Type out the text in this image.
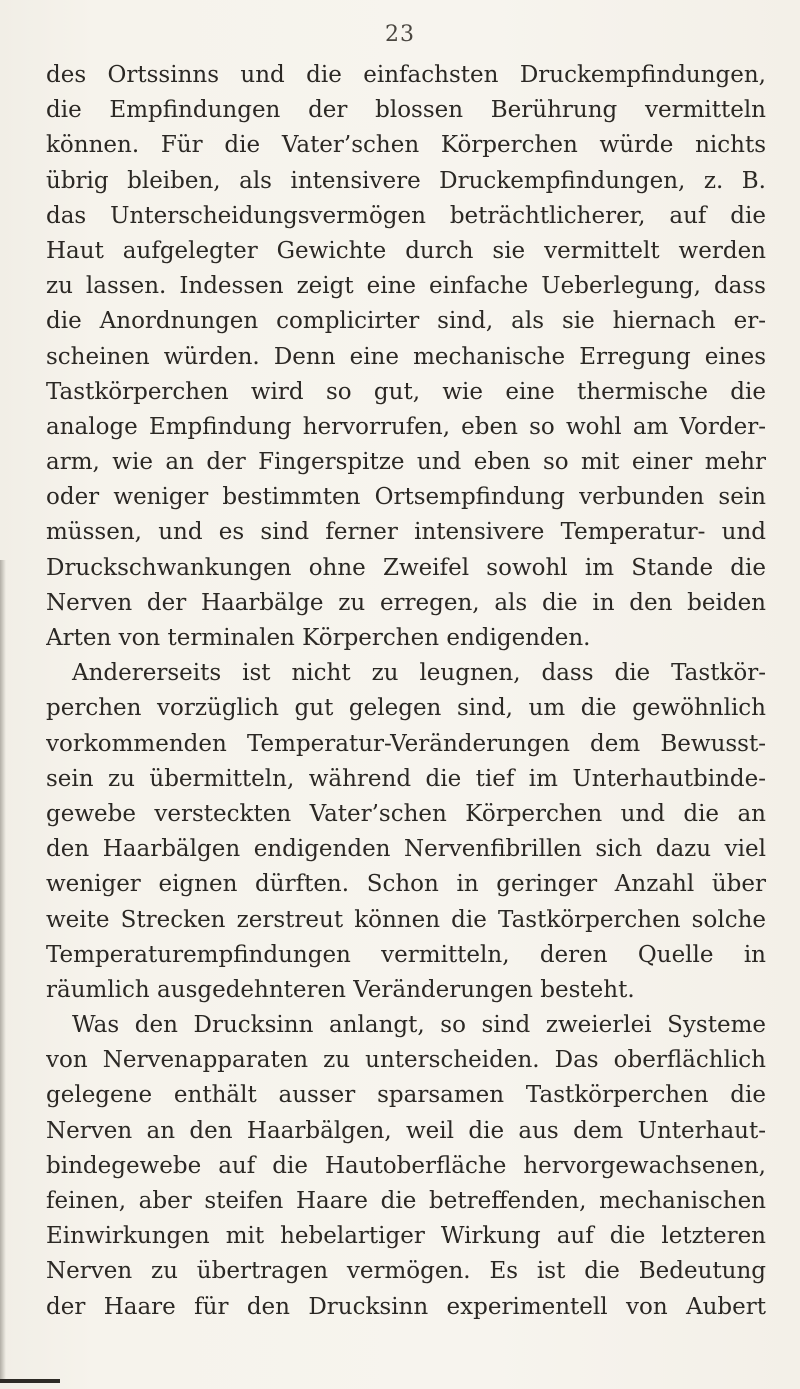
23
des Ortssinns und die einfachsten Druckempfindungen,
die Empfindungen der blossen Berührung vermitteln
können. Für die Vater’schen Körperchen würde nichts
übrig bleiben, als intensivere Druckempfindungen, z. B.
das Unterscheidungsvermögen beträchtlicherer, auf die
Haut aufgelegter Gewichte durch sie vermittelt werden
zu lassen. Indessen zeigt eine einfache Ueberlegung, dass
die Anordnungen complicirter sind, als sie hiernach er-
scheinen würden. Denn eine mechanische Erregung eines
Tastkörperchen wird so gut, wie eine thermische die
analoge Empfindung hervorrufen, eben so wohl am Vorder-
arm, wie an der Fingerspitze und eben so mit einer mehr
oder weniger bestimmten Ortsempfindung verbunden sein
müssen, und es sind ferner intensivere Temperatur- und
Druckschwankungen ohne Zweifel sowohl im Stande die
Nerven der Haarbälge zu erregen, als die in den beiden
Arten von terminalen Körperchen endigenden.
Andererseits ist nicht zu leugnen, dass die Tastkör-
perchen vorzüglich gut gelegen sind, um die gewöhnlich
vorkommenden Temperatur-Veränderungen dem Bewusst-
sein zu übermitteln, während die tief im Unterhautbinde-
gewebe versteckten Vater’schen Körperchen und die an
den Haarbälgen endigenden Nervenfibrillen sich dazu viel
weniger eignen dürften. Schon in geringer Anzahl über
weite Strecken zerstreut können die Tastkörperchen solche
Temperaturempfindungen vermitteln, deren Quelle in
räumlich ausgedehnteren Veränderungen besteht.
Was den Drucksinn anlangt, so sind zweierlei Systeme
von Nervenapparaten zu unterscheiden. Das oberflächlich
gelegene enthält ausser sparsamen Tastkörperchen die
Nerven an den Haarbälgen, weil die aus dem Unterhaut-
bindegewebe auf die Hautoberfläche hervorgewachsenen,
feinen, aber steifen Haare die betreffenden, mechanischen
Einwirkungen mit hebelartiger Wirkung auf die letzteren
Nerven zu übertragen vermögen. Es ist die Bedeutung
der Haare für den Drucksinn experimentell von Aubert
